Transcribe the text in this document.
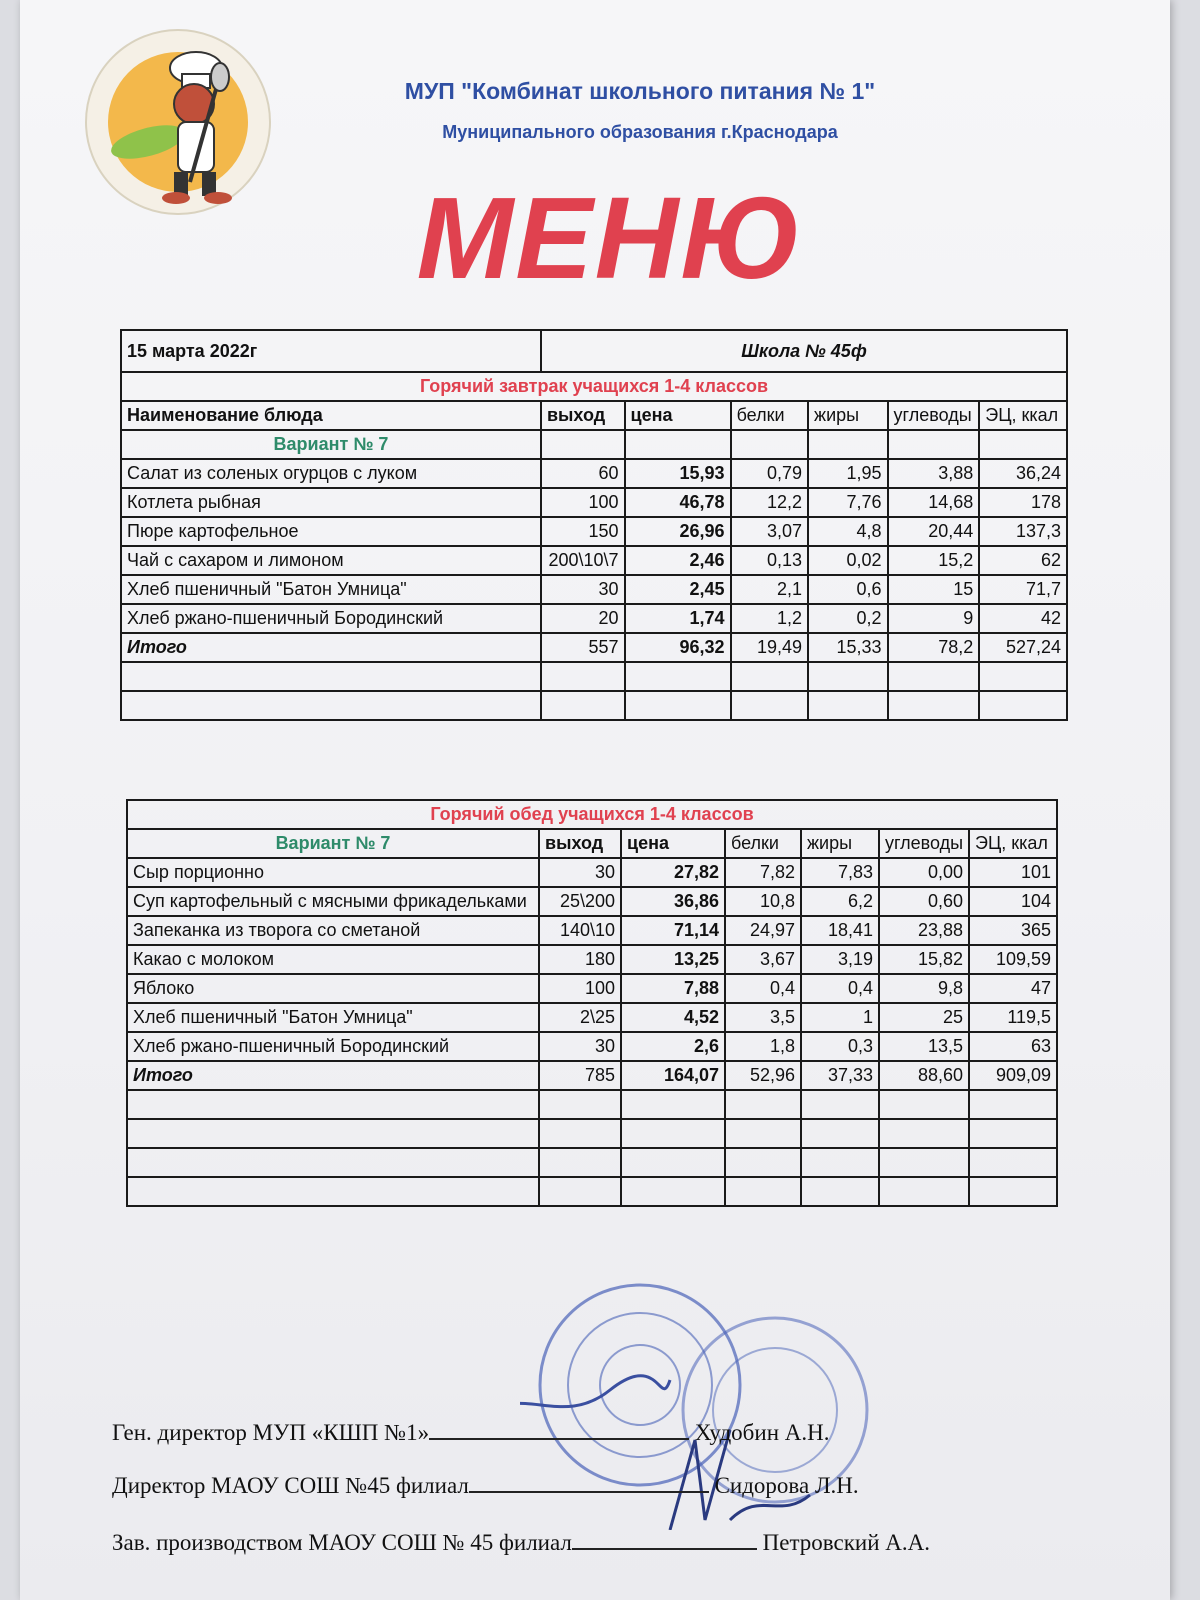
МУП "Комбинат школьного питания № 1"
Муниципального образования г.Краснодара
МЕНЮ
15 марта 2022г	Школа № 45ф					
Горячий завтрак учащихся 1-4 классов						
Наименование блюда	выход	цена	белки	жиры	углеводы	ЭЦ, ккал
Вариант № 7						
Салат из соленых огурцов с луком	60	15,93	0,79	1,95	3,88	36,24
Котлета рыбная	100	46,78	12,2	7,76	14,68	178
Пюре картофельное	150	26,96	3,07	4,8	20,44	137,3
Чай с сахаром и лимоном	200\10\7	2,46	0,13	0,02	15,2	62
Хлеб пшеничный "Батон Умница"	30	2,45	2,1	0,6	15	71,7
Хлеб ржано-пшеничный Бородинский	20	1,74	1,2	0,2	9	42
Итого	557	96,32	19,49	15,33	78,2	527,24

Горячий обед учащихся 1-4 классов						
Вариант № 7	выход	цена	белки	жиры	углеводы	ЭЦ, ккал
Сыр порционно	30	27,82	7,82	7,83	0,00	101
Суп картофельный с мясными фрикадельками	25\200	36,86	10,8	6,2	0,60	104
Запеканка из творога со сметаной	140\10	71,14	24,97	18,41	23,88	365
Какао с молоком	180	13,25	3,67	3,19	15,82	109,59
Яблоко	100	7,88	0,4	0,4	9,8	47
Хлеб пшеничный "Батон Умница"	2\25	4,52	3,5	1	25	119,5
Хлеб ржано-пшеничный Бородинский	30	2,6	1,8	0,3	13,5	63
Итого	785	164,07	52,96	37,33	88,60	909,09

Ген. директор МУП «КШП №1»	Худобин А.Н.
Директор МАОУ СОШ №45 филиал	Сидорова Л.Н.
Зав. производством МАОУ СОШ № 45 филиал	Петровский А.А.
